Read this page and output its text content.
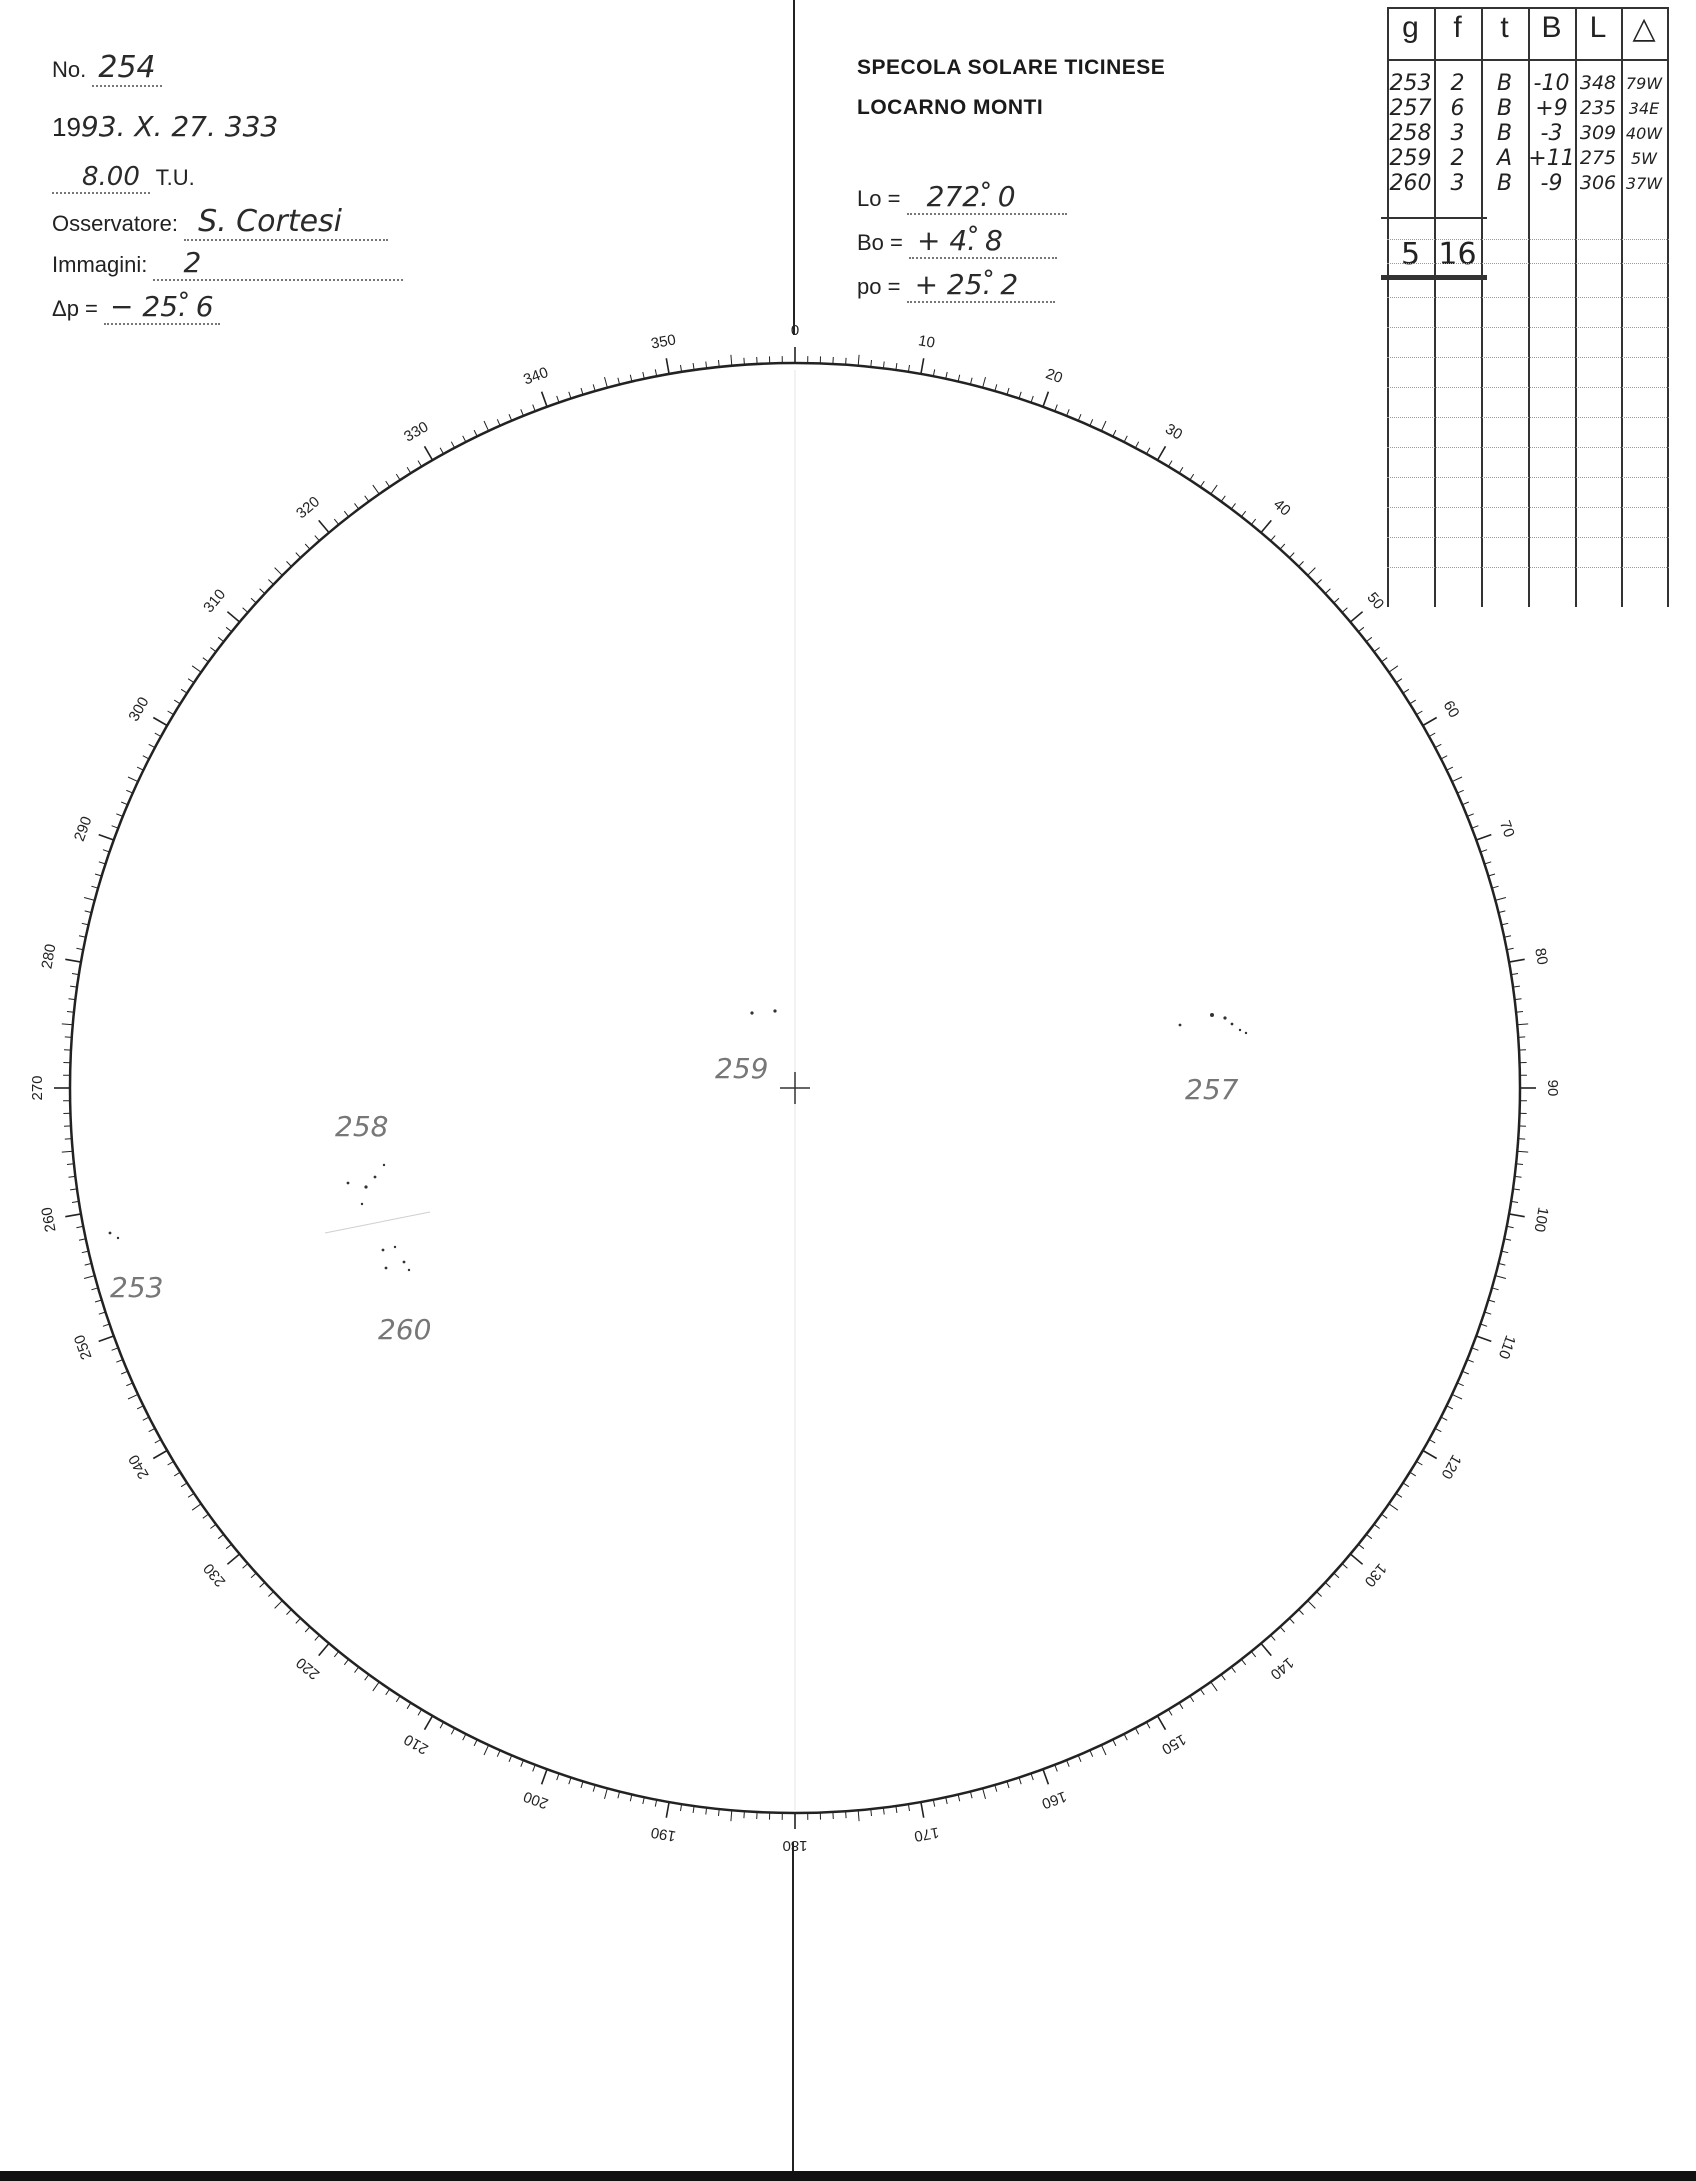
No. 254
1993. X. 27. 333
8.00 T.U.
Osservatore: S. Cortesi
Immagini: 2
Δp = − 25.̊ 6
SPECOLA SOLARE TICINESE
LOCARNO MONTI
Lo = 272.̊ 0
Bo = + 4.̊ 8
po = + 25.̊ 2
g	f	t	B L △
253 2	B -10 348 79W
257 6	B	+9 235 34E
258 3	B	-3 309 40W
259 2	A +11 275 5W
260 3	B	-9 306 37W
5 16
0
10
20
30
40
50
60
70
80
90
100
110
120
130
140
150
160
170
180
190
200
210
220
230
240
250
260
270
280
290
300
310
320
330
340
350
259
257
258
253
260
